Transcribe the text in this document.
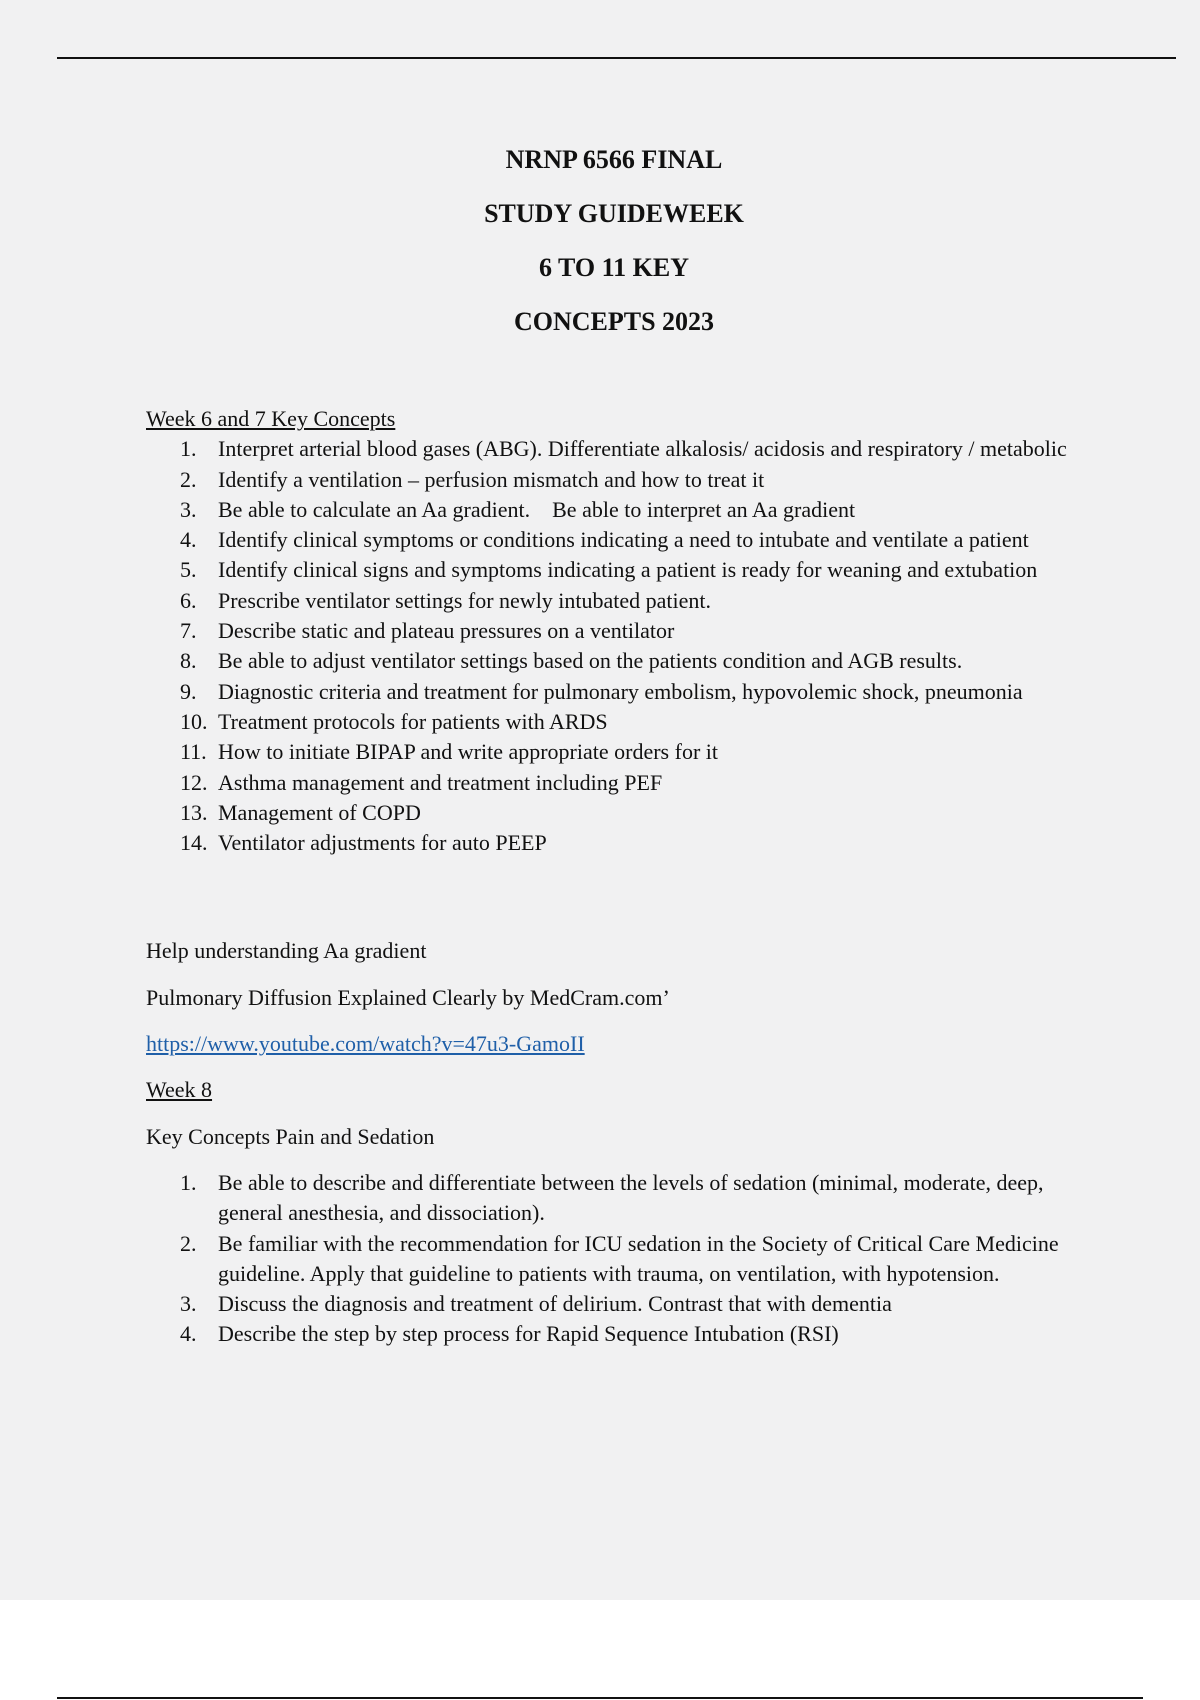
NRNP 6566 FINAL
STUDY GUIDEWEEK
6 TO 11 KEY
CONCEPTS 2023
Week 6 and 7 Key Concepts
1. Interpret arterial blood gases (ABG). Differentiate alkalosis/ acidosis and respiratory / metabolic
2. Identify a ventilation – perfusion mismatch and how to treat it
3. Be able to calculate an Aa gradient.    Be able to interpret an Aa gradient
4. Identify clinical symptoms or conditions indicating a need to intubate and ventilate a patient
5. Identify clinical signs and symptoms indicating a patient is ready for weaning and extubation
6. Prescribe ventilator settings for newly intubated patient.
7. Describe static and plateau pressures on a ventilator
8. Be able to adjust ventilator settings based on the patients condition and AGB results.
9. Diagnostic criteria and treatment for pulmonary embolism, hypovolemic shock, pneumonia
10. Treatment protocols for patients with ARDS
11. How to initiate BIPAP and write appropriate orders for it
12. Asthma management and treatment including PEF
13. Management of COPD
14. Ventilator adjustments for auto PEEP

Help understanding Aa gradient

Pulmonary Diffusion Explained Clearly by MedCram.com’

https://www.youtube.com/watch?v=47u3-GamoII

Week 8

Key Concepts Pain and Sedation

1. Be able to describe and differentiate between the levels of sedation (minimal, moderate, deep, general anesthesia, and dissociation).
2. Be familiar with the recommendation for ICU sedation in the Society of Critical Care Medicine guideline. Apply that guideline to patients with trauma, on ventilation, with hypotension.
3. Discuss the diagnosis and treatment of delirium. Contrast that with dementia
4. Describe the step by step process for Rapid Sequence Intubation (RSI)
